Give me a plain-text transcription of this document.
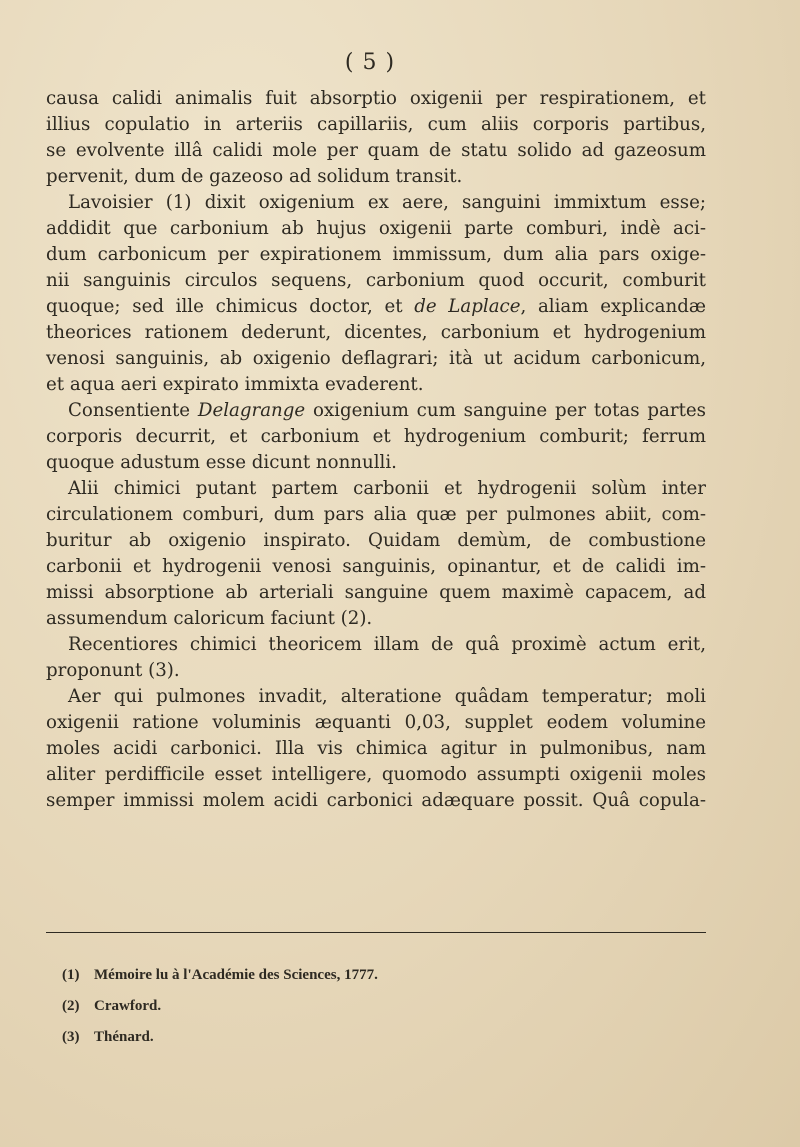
( 5 )
causa calidi animalis fuit absorptio oxigenii per respirationem, et
illius copulatio in arteriis capillariis, cum aliis corporis partibus,
se evolvente illâ calidi mole per quam de statu solido ad gazeosum
pervenit, dum de gazeoso ad solidum transit.
Lavoisier (1) dixit oxigenium ex aere, sanguini immixtum esse;
addidit que carbonium ab hujus oxigenii parte comburi, indè aci-
dum carbonicum per expirationem immissum, dum alia pars oxige-
nii sanguinis circulos sequens, carbonium quod occurit, comburit
quoque; sed ille chimicus doctor, et de Laplace, aliam explicandæ
theorices rationem dederunt, dicentes, carbonium et hydrogenium
venosi sanguinis, ab oxigenio deflagrari; ità ut acidum carbonicum,
et aqua aeri expirato immixta evaderent.
Consentiente Delagrange oxigenium cum sanguine per totas partes
corporis decurrit, et carbonium et hydrogenium comburit; ferrum
quoque adustum esse dicunt nonnulli.
Alii chimici putant partem carbonii et hydrogenii solùm inter
circulationem comburi, dum pars alia quæ per pulmones abiit, com-
buritur ab oxigenio inspirato. Quidam demùm, de combustione
carbonii et hydrogenii venosi sanguinis, opinantur, et de calidi im-
missi absorptione ab arteriali sanguine quem maximè capacem, ad
assumendum caloricum faciunt (2).
Recentiores chimici theoricem illam de quâ proximè actum erit,
proponunt (3).
Aer qui pulmones invadit, alteratione quâdam temperatur; moli
oxigenii ratione voluminis æquanti 0,03, supplet eodem volumine
moles acidi carbonici. Illa vis chimica agitur in pulmonibus, nam
aliter perdifficile esset intelligere, quomodo assumpti oxigenii moles
semper immissi molem acidi carbonici adæquare possit. Quâ copula-
(1) Mémoire lu à l'Académie des Sciences, 1777.
(2) Crawford.
(3) Thénard.
